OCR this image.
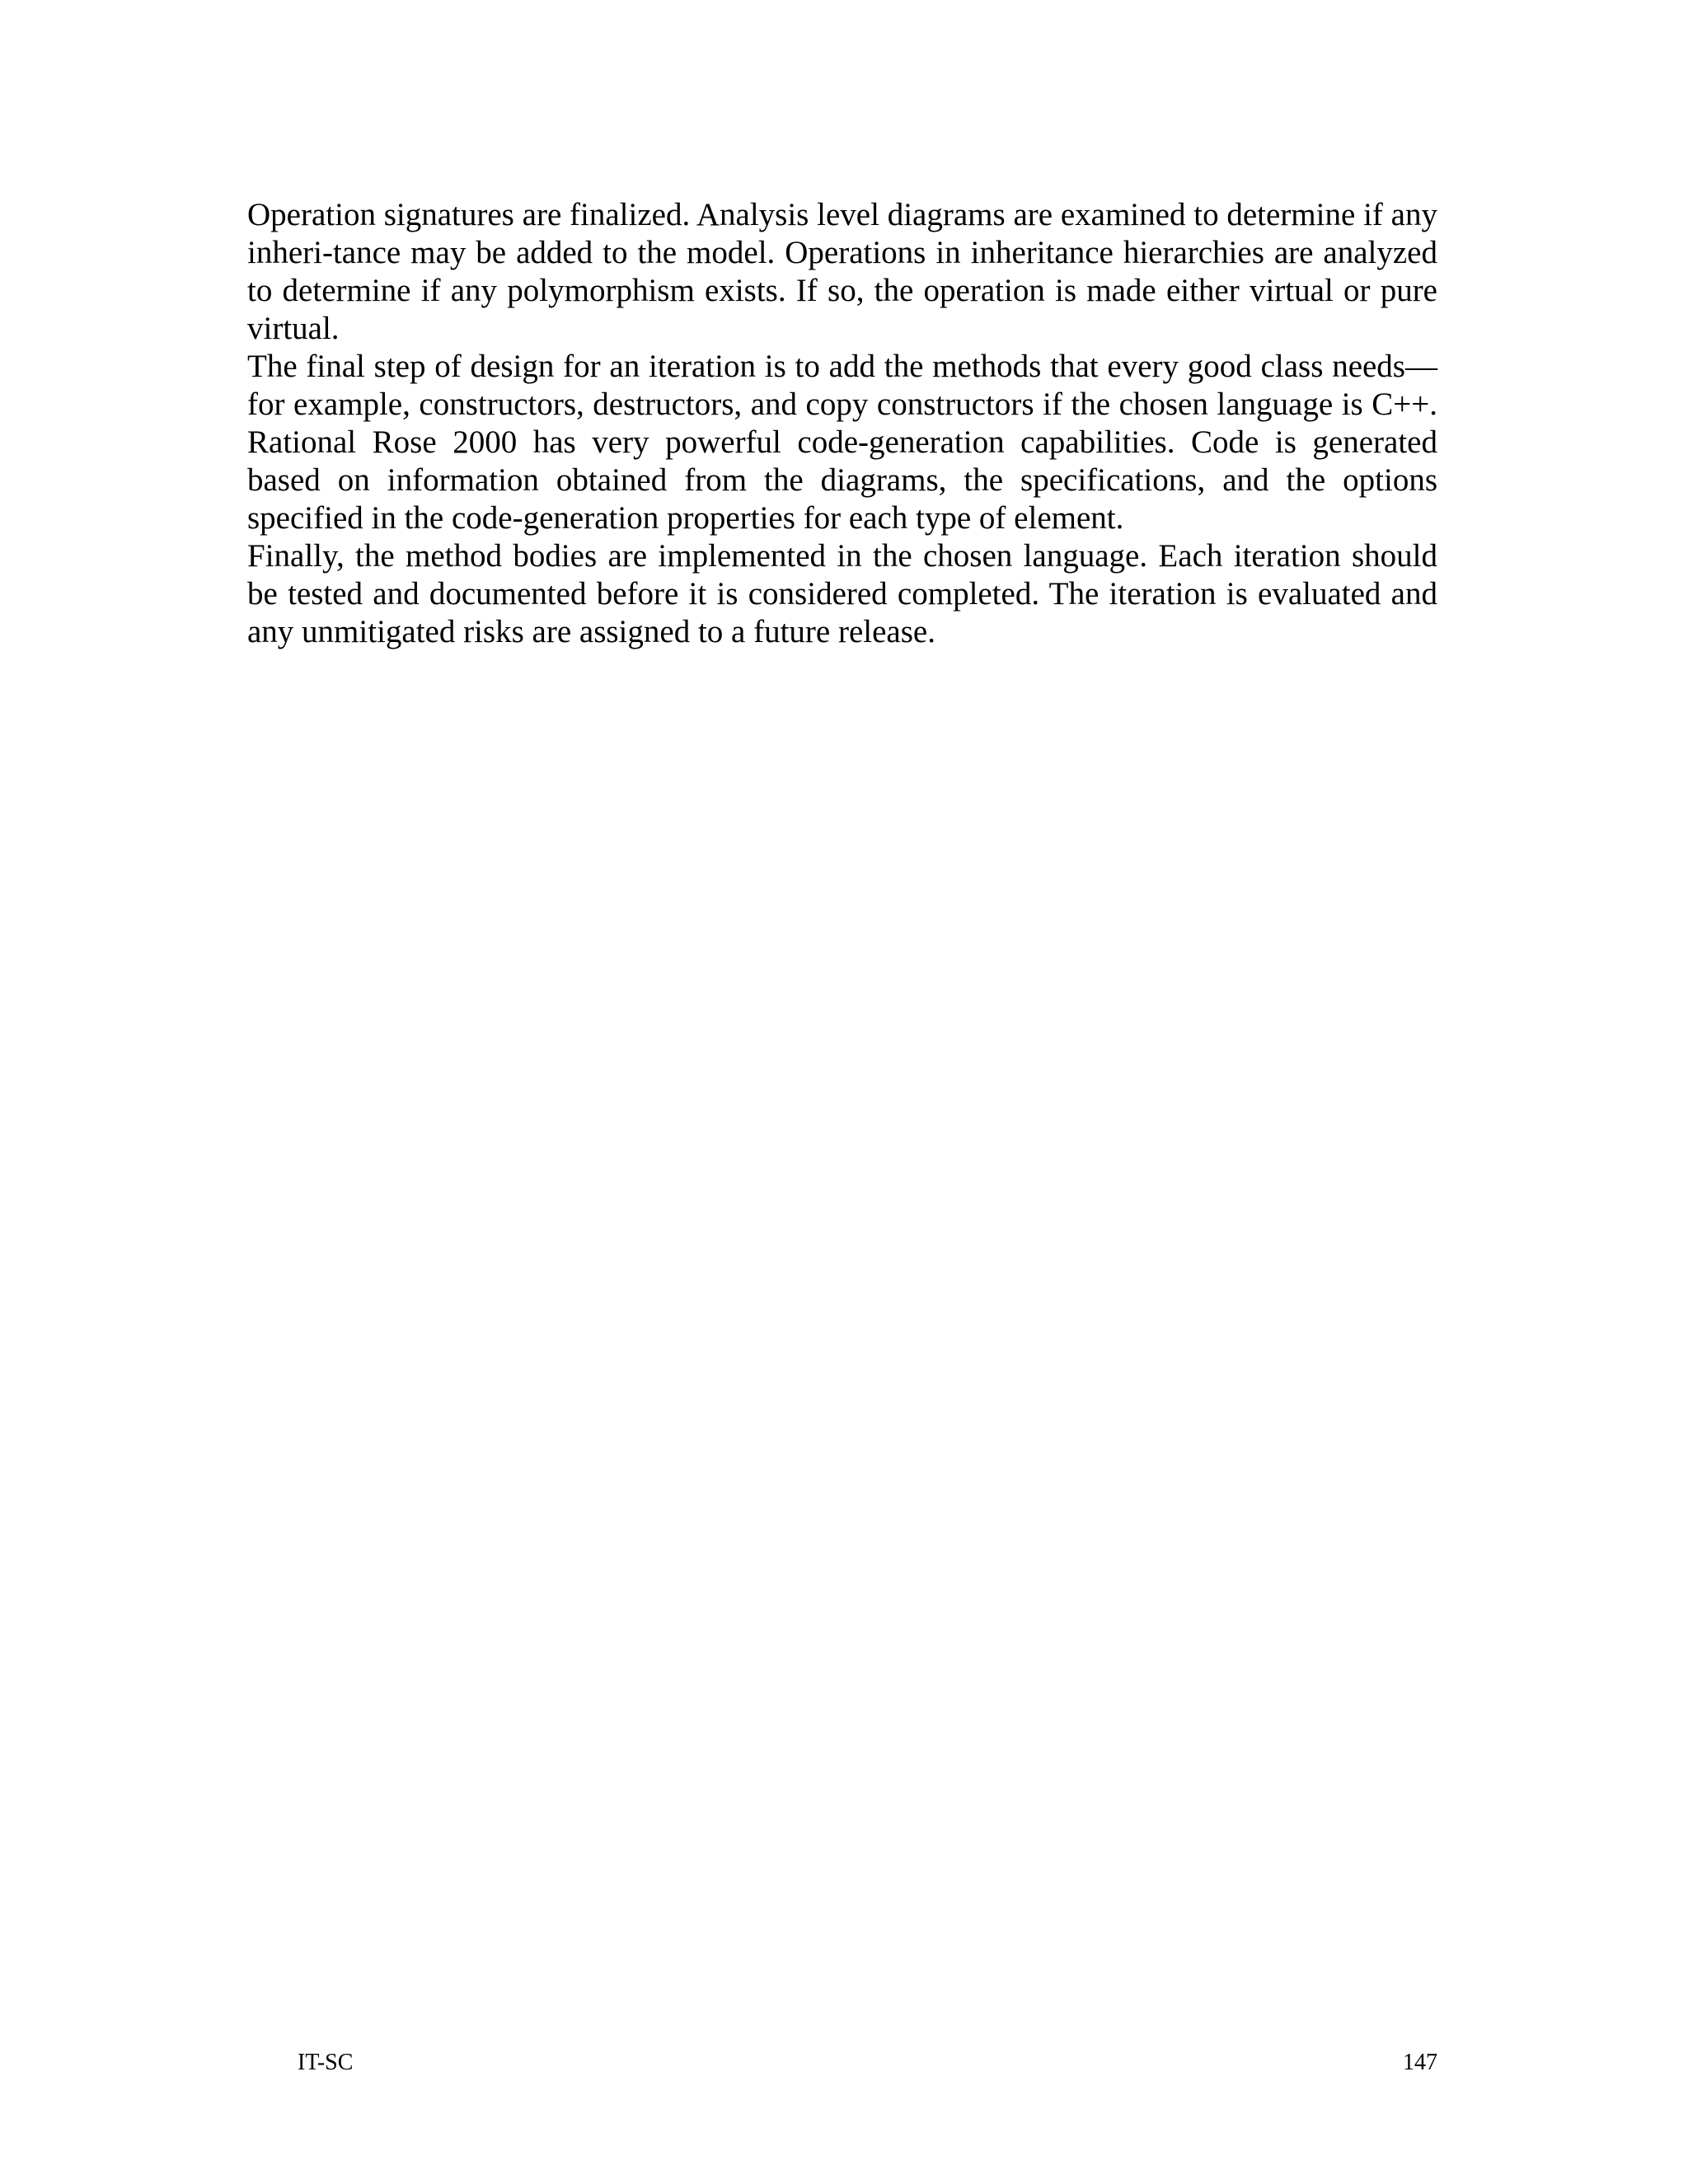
Operation signatures are finalized. Analysis level diagrams are examined to determine if any inheri-tance may be added to the model. Operations in inheritance hierarchies are analyzed to determine if any polymorphism exists. If so, the operation is made either virtual or pure virtual.

The final step of design for an iteration is to add the methods that every good class needs—for example, constructors, destructors, and copy constructors if the chosen language is C++. Rational Rose 2000 has very powerful code-generation capabilities. Code is generated based on information obtained from the diagrams, the specifications, and the options specified in the code-generation properties for each type of element.

Finally, the method bodies are implemented in the chosen language. Each iteration should be tested and documented before it is considered completed. The iteration is evaluated and any unmitigated risks are assigned to a future release.

IT-SC	147
